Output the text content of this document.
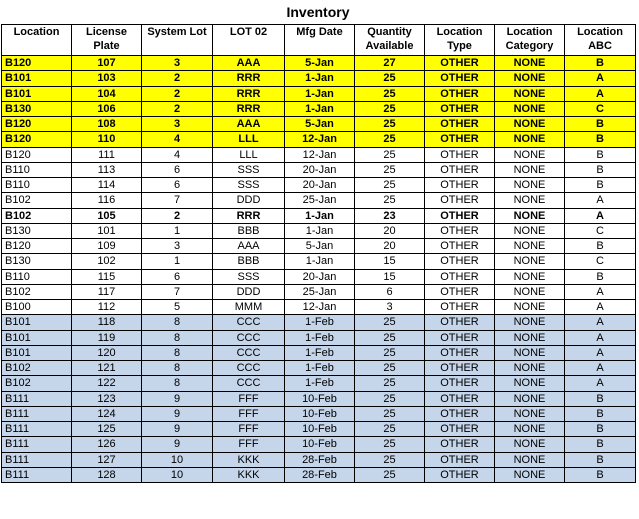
Inventory
Location	License Plate	System Lot	LOT 02	Mfg Date	Quantity Available	Location Type	Location Category	Location ABC
B120	107	3	AAA	5-Jan	27	OTHER	NONE	B
B101	103	2	RRR	1-Jan	25	OTHER	NONE	A
B101	104	2	RRR	1-Jan	25	OTHER	NONE	A
B130	106	2	RRR	1-Jan	25	OTHER	NONE	C
B120	108	3	AAA	5-Jan	25	OTHER	NONE	B
B120	110	4	LLL	12-Jan	25	OTHER	NONE	B
B120	111	4	LLL	12-Jan	25	OTHER	NONE	B
B110	113	6	SSS	20-Jan	25	OTHER	NONE	B
B110	114	6	SSS	20-Jan	25	OTHER	NONE	B
B102	116	7	DDD	25-Jan	25	OTHER	NONE	A
B102	105	2	RRR	1-Jan	23	OTHER	NONE	A
B130	101	1	BBB	1-Jan	20	OTHER	NONE	C
B120	109	3	AAA	5-Jan	20	OTHER	NONE	B
B130	102	1	BBB	1-Jan	15	OTHER	NONE	C
B110	115	6	SSS	20-Jan	15	OTHER	NONE	B
B102	117	7	DDD	25-Jan	6	OTHER	NONE	A
B100	112	5	MMM	12-Jan	3	OTHER	NONE	A
B101	118	8	CCC	1-Feb	25	OTHER	NONE	A
B101	119	8	CCC	1-Feb	25	OTHER	NONE	A
B101	120	8	CCC	1-Feb	25	OTHER	NONE	A
B102	121	8	CCC	1-Feb	25	OTHER	NONE	A
B102	122	8	CCC	1-Feb	25	OTHER	NONE	A
B111	123	9	FFF	10-Feb	25	OTHER	NONE	B
B111	124	9	FFF	10-Feb	25	OTHER	NONE	B
B111	125	9	FFF	10-Feb	25	OTHER	NONE	B
B111	126	9	FFF	10-Feb	25	OTHER	NONE	B
B111	127	10	KKK	28-Feb	25	OTHER	NONE	B
B111	128	10	KKK	28-Feb	25	OTHER	NONE	B
